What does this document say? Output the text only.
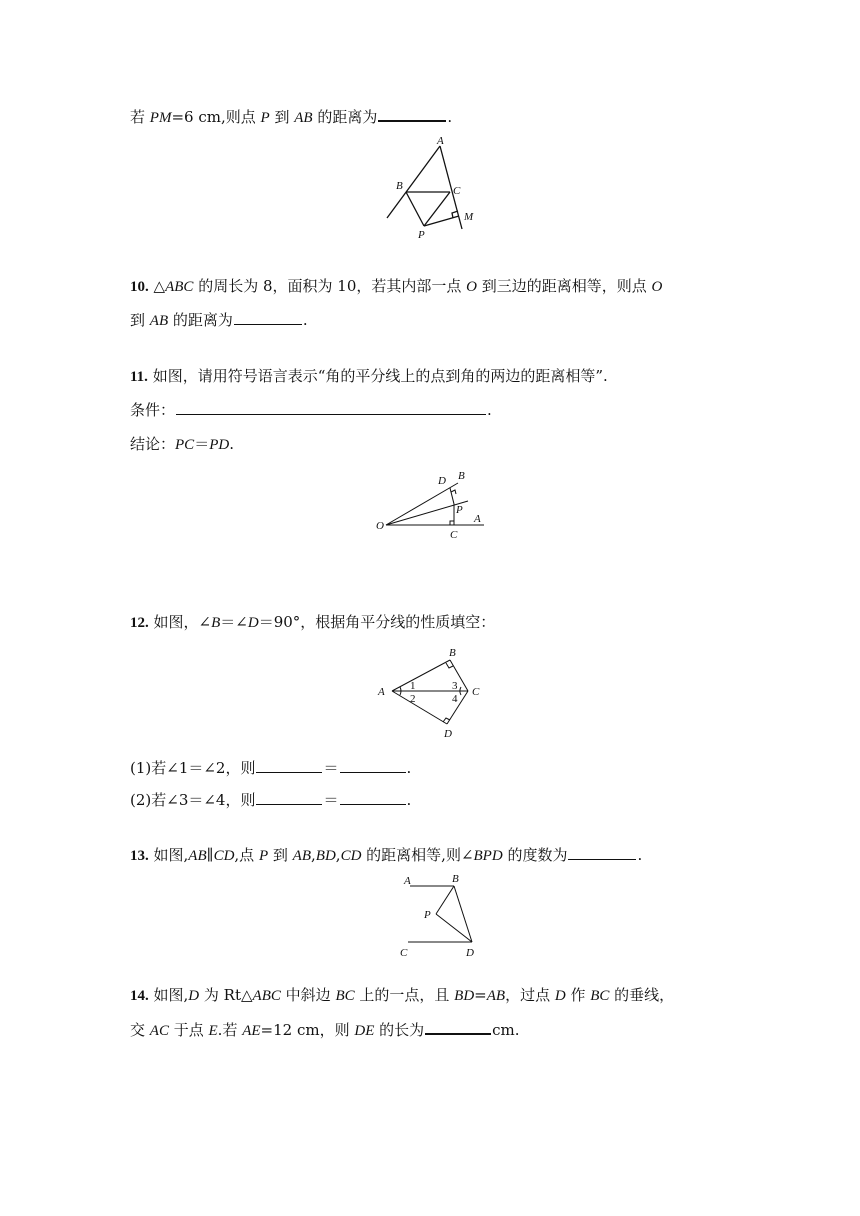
若 PM=6 cm,则点 P 到 AB 的距离为	.
A
B	C
M
P
10. △ABC 的周长为 8，面积为 10，若其内部一点 O 到三边的距离相等，则点 O
到 AB 的距离为	.
11. 如图，请用符号语言表示“角的平分线上的点到角的两边的距离相等”.
条件：	.
结论：PC＝PD.
O
D B
P
A
C
12. 如图，∠B＝∠D＝90°，根据角平分线的性质填空：
A
B
C
D
1
2
3
4
(1)若∠1＝∠2，则	＝	.
(2)若∠3＝∠4，则	＝	.
13. 如图,AB∥CD,点 P 到 AB,BD,CD 的距离相等,则∠BPD 的度数为	.
A	B
P
C	D
14. 如图,D 为 Rt△ABC 中斜边 BC 上的一点，且 BD=AB，过点 D 作 BC 的垂线，
交 AC 于点 E.若 AE=12 cm，则 DE 的长为	cm.
